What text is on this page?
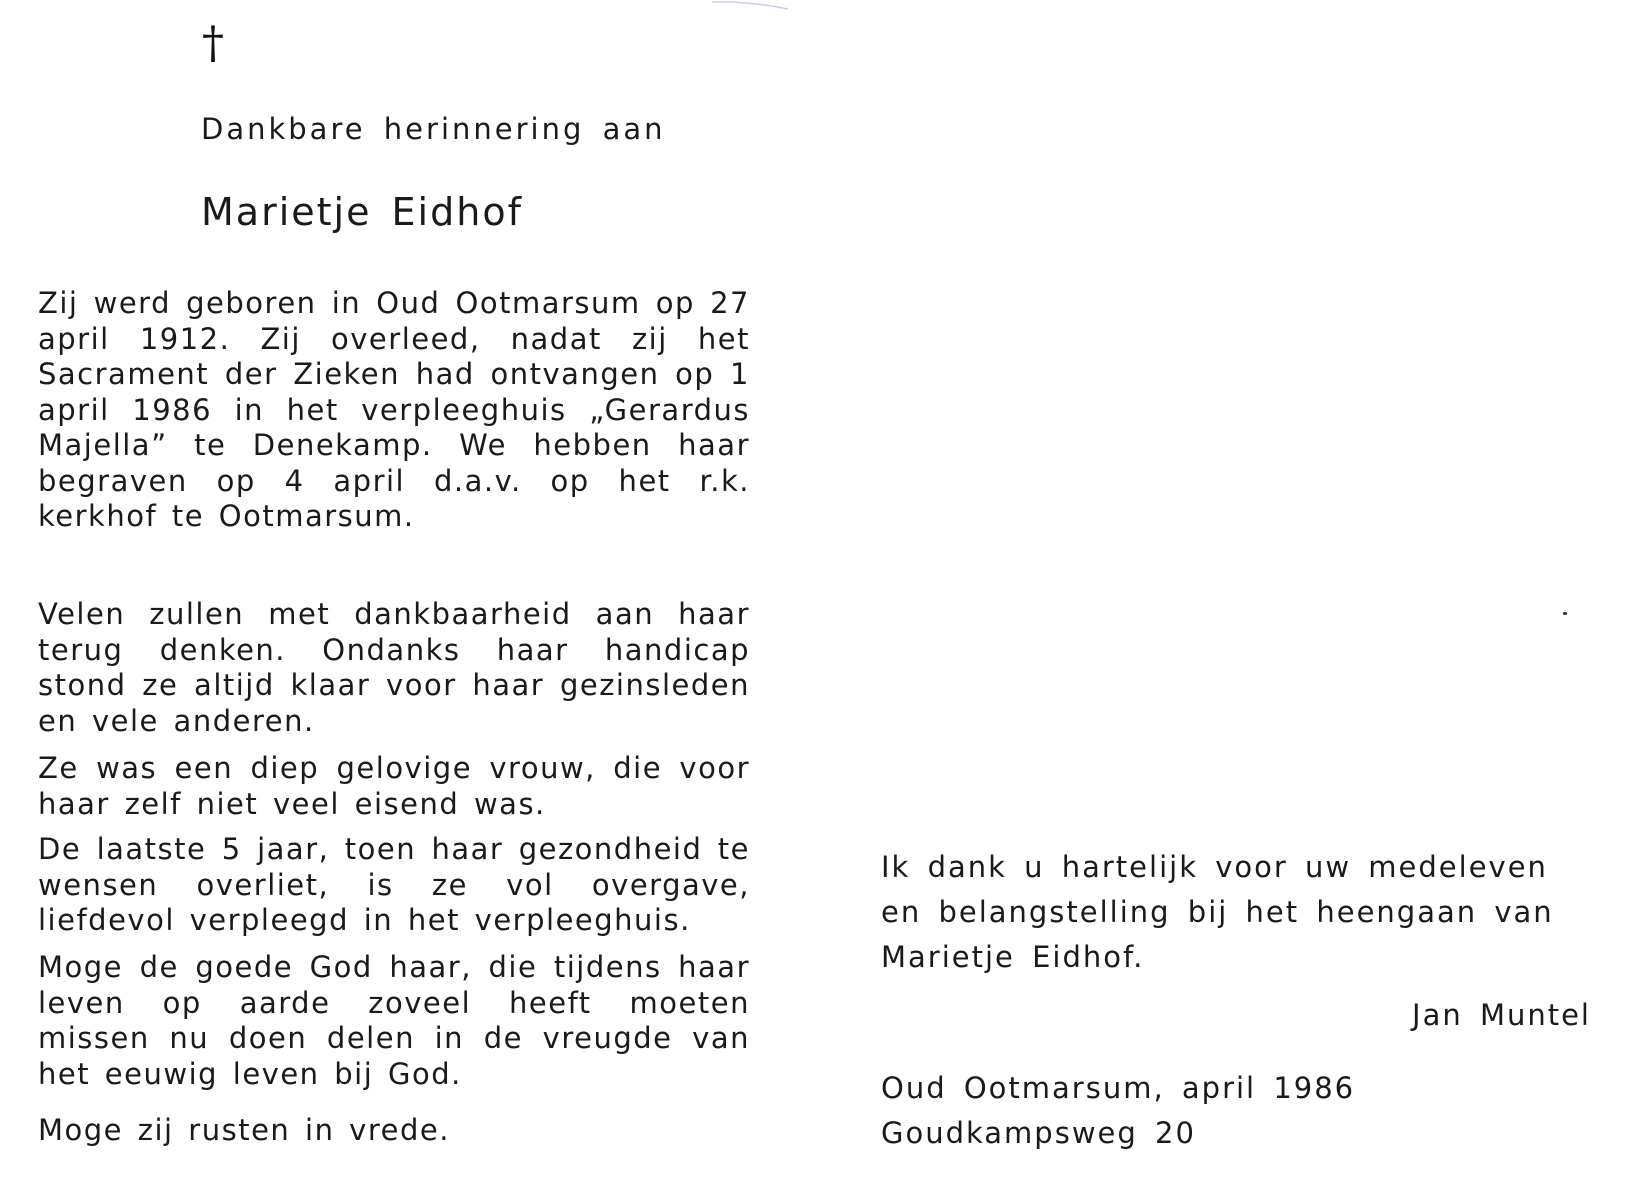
†
Dankbare herinnering aan
Marietje Eidhof

Zij werd geboren in Oud Ootmarsum op 27 april 1912. Zij overleed, nadat zij het Sacrament der Zieken had ontvangen op 1 april 1986 in het verpleeghuis „Gerardus Majella” te Denekamp. We hebben haar begraven op 4 april d.a.v. op het r.k. kerkhof te Ootmarsum.

Velen zullen met dankbaarheid aan haar terug denken. Ondanks haar handicap stond ze altijd klaar voor haar gezinsleden en vele anderen.

Ze was een diep gelovige vrouw, die voor haar zelf niet veel eisend was.

De laatste 5 jaar, toen haar gezondheid te wensen overliet, is ze vol overgave, liefdevol verpleegd in het verpleeghuis.

Moge de goede God haar, die tijdens haar leven op aarde zoveel heeft moeten missen nu doen delen in de vreugde van het eeuwig leven bij God.

Moge zij rusten in vrede.

Ik dank u hartelijk voor uw medeleven en belangstelling bij het heengaan van Marietje Eidhof.

Jan Muntel
Oud Ootmarsum, april 1986
Goudkampsweg 20
